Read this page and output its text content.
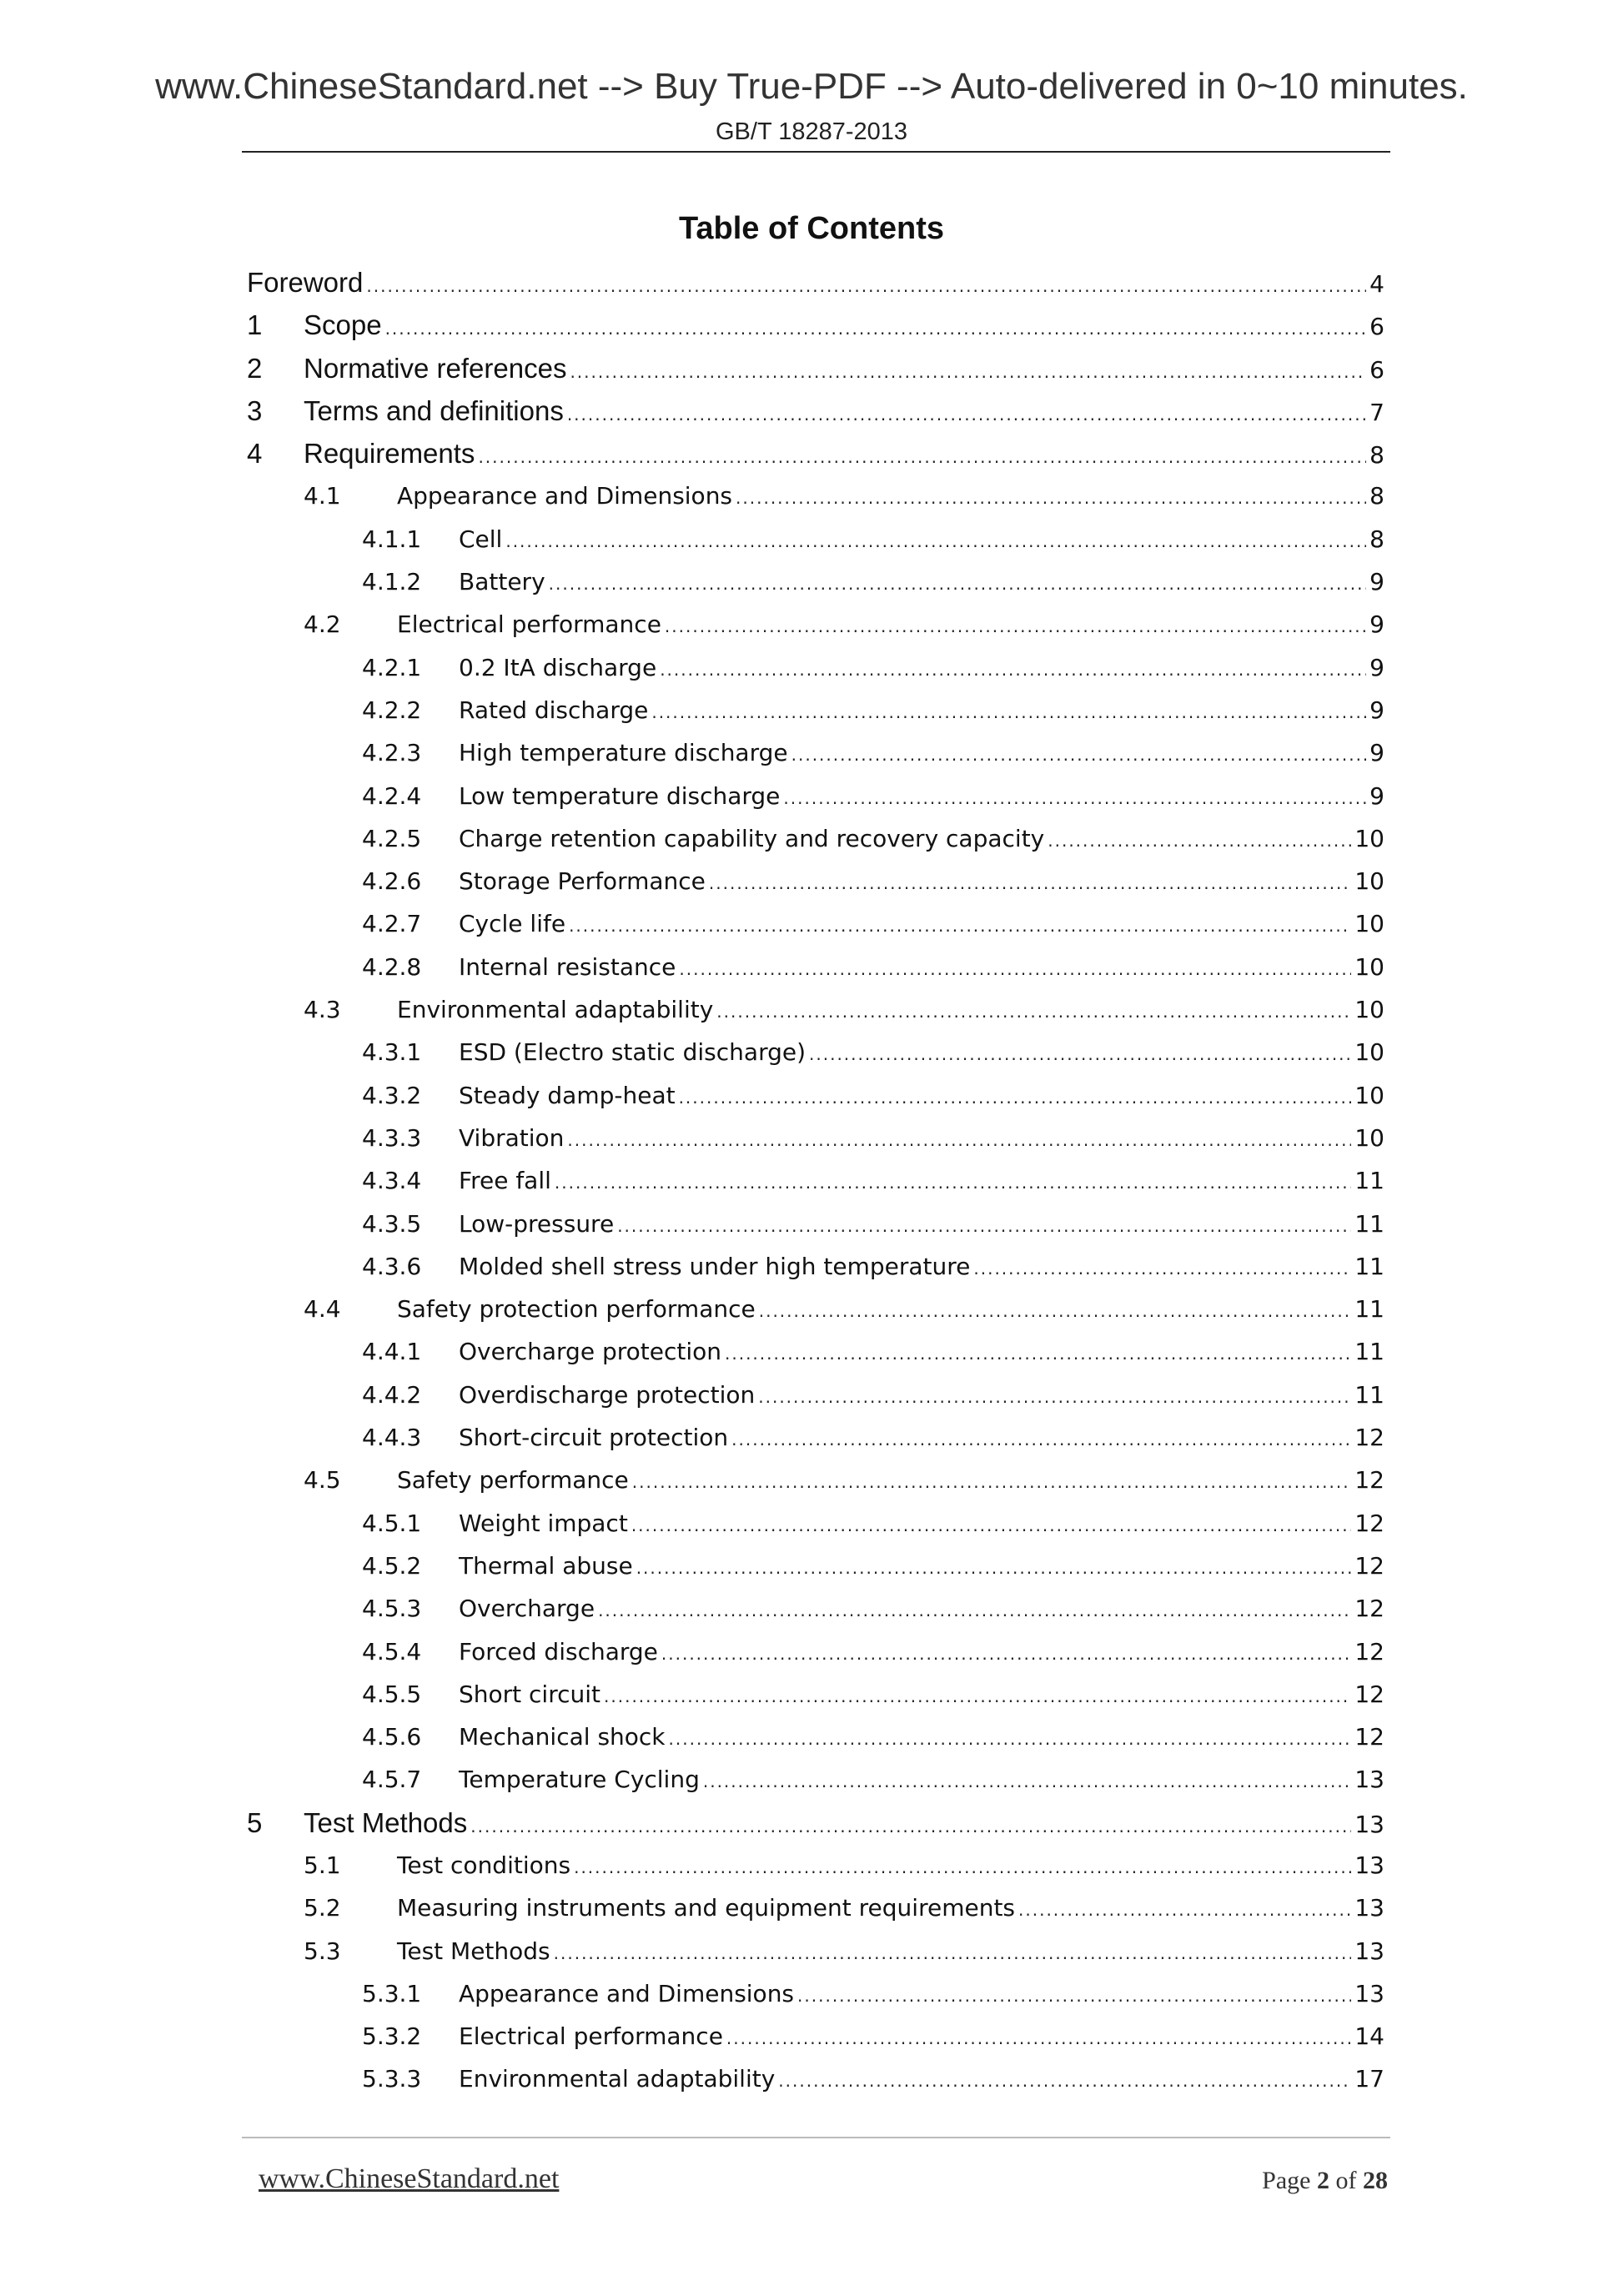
www.ChineseStandard.net --> Buy True-PDF --> Auto-delivered in 0~10 minutes.
GB/T 18287-2013
Table of Contents
Foreword .....	4
1	Scope .....	6
2	Normative references .....	6
3	Terms and definitions .....	7
4	Requirements .....	8
4.1	Appearance and Dimensions .....	8
4.1.1	Cell .....	8
4.1.2	Battery .....	9
4.2	Electrical performance .....	9
4.2.1	0.2 ItA discharge .....	9
4.2.2	Rated discharge .....	9
4.2.3	High temperature discharge .....	9
4.2.4	Low temperature discharge .....	9
4.2.5	Charge retention capability and recovery capacity .....	10
4.2.6	Storage Performance .....	10
4.2.7	Cycle life .....	10
4.2.8	Internal resistance .....	10
4.3	Environmental adaptability .....	10
4.3.1	ESD (Electro static discharge) .....	10
4.3.2	Steady damp-heat .....	10
4.3.3	Vibration .....	10
4.3.4	Free fall .....	11
4.3.5	Low-pressure .....	11
4.3.6	Molded shell stress under high temperature .....	11
4.4	Safety protection performance .....	11
4.4.1	Overcharge protection .....	11
4.4.2	Overdischarge protection .....	11
4.4.3	Short-circuit protection .....	12
4.5	Safety performance .....	12
4.5.1	Weight impact .....	12
4.5.2	Thermal abuse .....	12
4.5.3	Overcharge .....	12
4.5.4	Forced discharge .....	12
4.5.5	Short circuit .....	12
4.5.6	Mechanical shock .....	12
4.5.7	Temperature Cycling .....	13
5	Test Methods .....	13
5.1	Test conditions .....	13
5.2	Measuring instruments and equipment requirements .....	13
5.3	Test Methods .....	13
5.3.1	Appearance and Dimensions .....	13
5.3.2	Electrical performance .....	14
5.3.3	Environmental adaptability .....	17
www.ChineseStandard.net	Page 2 of 28
